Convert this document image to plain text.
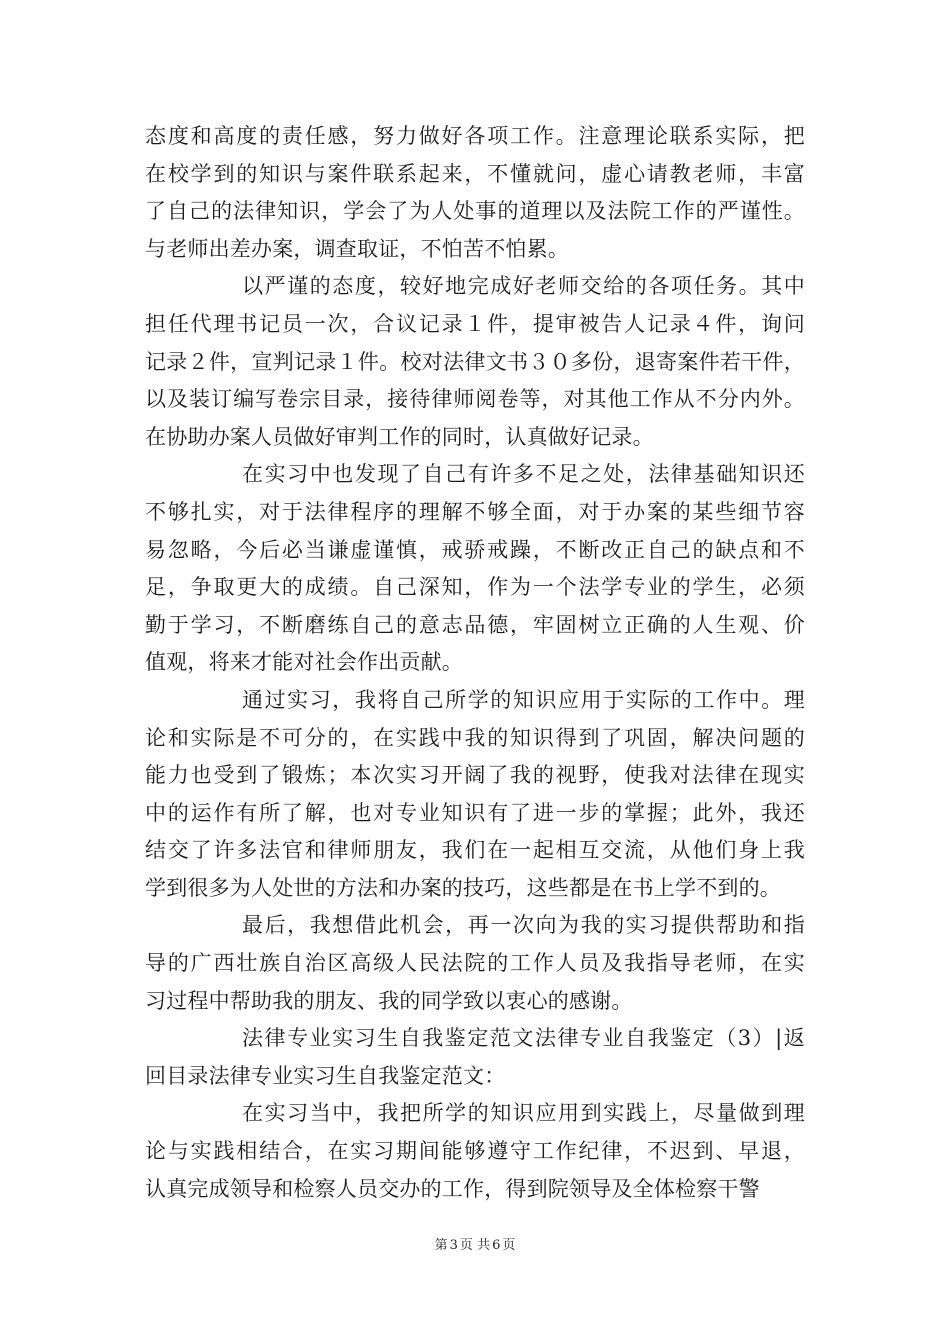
态度和高度的责任感，努力做好各项工作。注意理论联系实际，把
在校学到的知识与案件联系起来，不懂就问，虚心请教老师，丰富
了自己的法律知识，学会了为人处事的道理以及法院工作的严谨性。
与老师出差办案，调查取证，不怕苦不怕累。
以严谨的态度，较好地完成好老师交给的各项任务。其中
担任代理书记员一次，合议记录１件，提审被告人记录４件，询问
记录２件，宣判记录１件。校对法律文书３０多份，退寄案件若干件，
以及装订编写卷宗目录，接待律师阅卷等，对其他工作从不分内外。
在协助办案人员做好审判工作的同时，认真做好记录。
在实习中也发现了自己有许多不足之处，法律基础知识还
不够扎实，对于法律程序的理解不够全面，对于办案的某些细节容
易忽略，今后必当谦虚谨慎，戒骄戒躁，不断改正自己的缺点和不
足，争取更大的成绩。自己深知，作为一个法学专业的学生，必须
勤于学习，不断磨练自己的意志品德，牢固树立正确的人生观、价
值观，将来才能对社会作出贡献。
通过实习，我将自己所学的知识应用于实际的工作中。理
论和实际是不可分的，在实践中我的知识得到了巩固，解决问题的
能力也受到了锻炼；本次实习开阔了我的视野，使我对法律在现实
中的运作有所了解，也对专业知识有了进一步的掌握；此外，我还
结交了许多法官和律师朋友，我们在一起相互交流，从他们身上我
学到很多为人处世的方法和办案的技巧，这些都是在书上学不到的。
最后，我想借此机会，再一次向为我的实习提供帮助和指
导的广西壮族自治区高级人民法院的工作人员及我指导老师，在实
习过程中帮助我的朋友、我的同学致以衷心的感谢。
法律专业实习生自我鉴定范文法律专业自我鉴定（3）|返
回目录法律专业实习生自我鉴定范文：
在实习当中，我把所学的知识应用到实践上，尽量做到理
论与实践相结合，在实习期间能够遵守工作纪律，不迟到、早退，
认真完成领导和检察人员交办的工作，得到院领导及全体检察干警
第 3 页 共 6 页
